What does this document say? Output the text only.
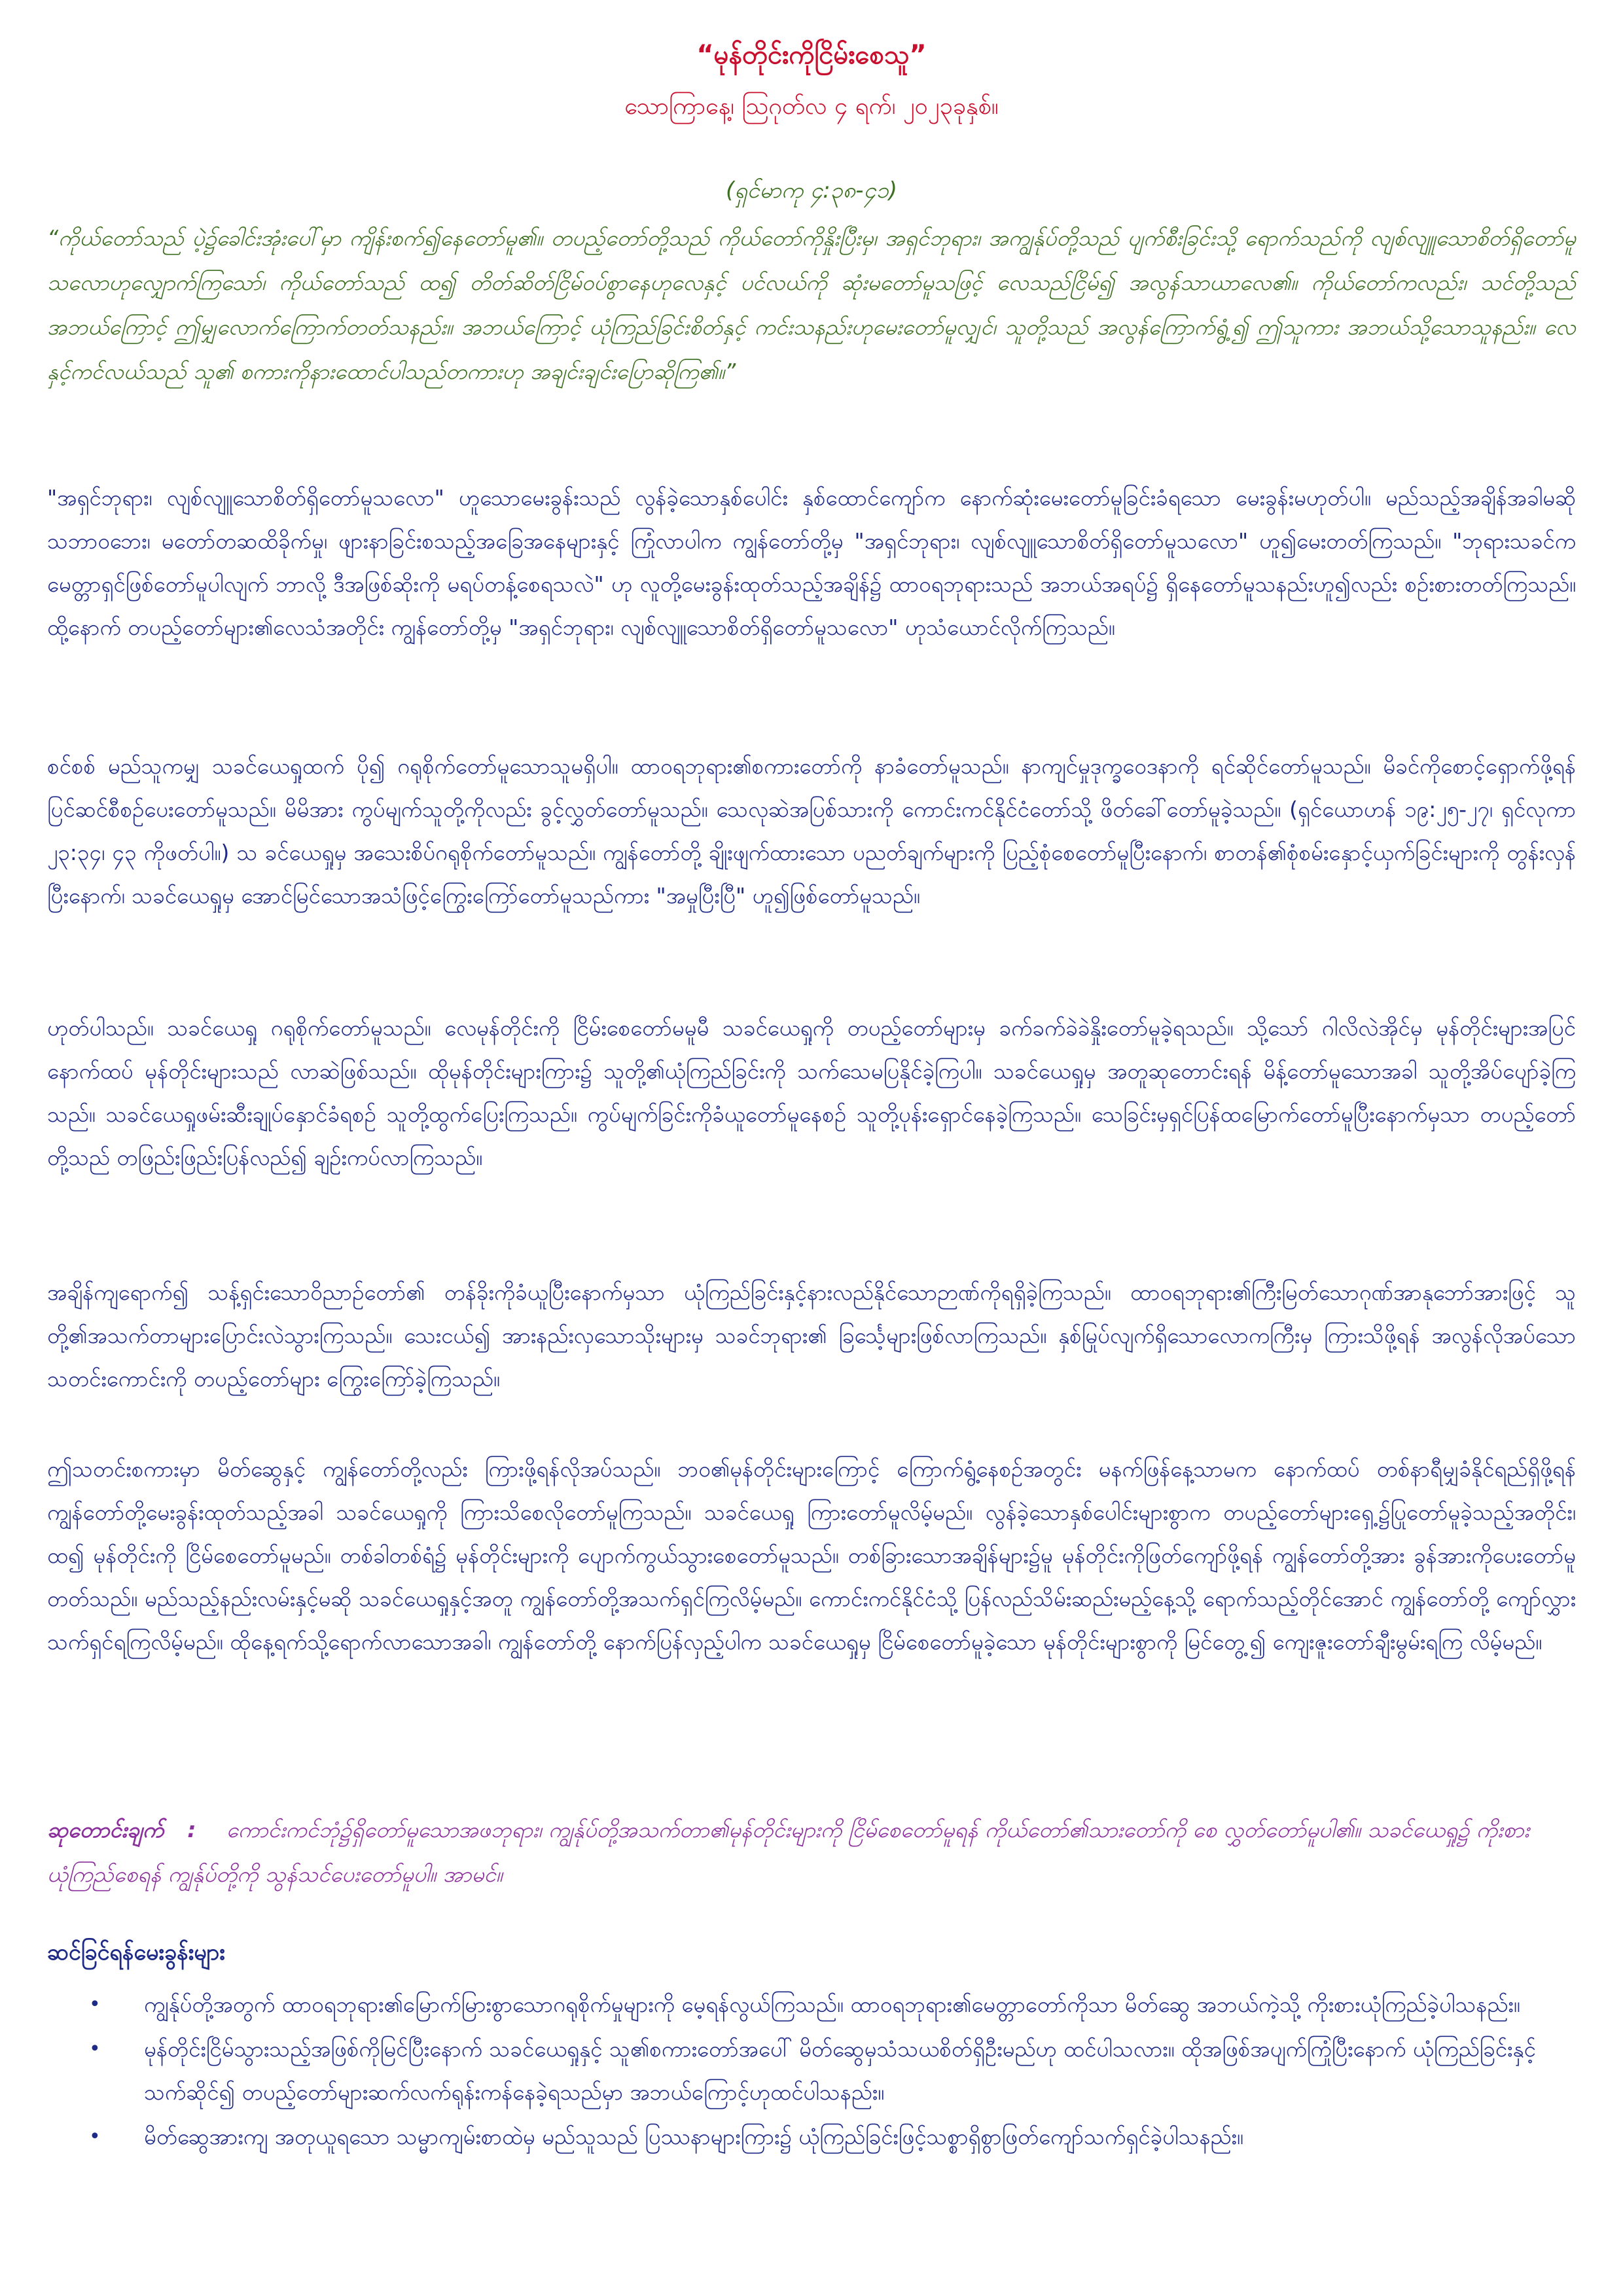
“မုန်တိုင်းကိုငြိမ်းစေသူ”
သောကြာနေ့၊ ဩဂုတ်လ ၄ ရက်၊ ၂၀၂၃ခုနှစ်။
(ရှင်မာကု ၄:၃၈-၄၁)
“ကိုယ်တော်သည် ပဲ့၌ခေါင်းအုံးပေါ်မှာ ကျိန်းစက်၍နေတော်မူ၏။ တပည့်တော်တို့သည် ကိုယ်တော်ကိုနှိုးပြီးမှ၊ အရှင်ဘုရား၊ အကျွန်ုပ်တို့သည် ပျက်စီးခြင်းသို့ ရောက်သည်ကို လျစ်လျူသောစိတ်ရှိတော်မူသလောဟုလျှောက်ကြသော်၊ ကိုယ်တော်သည် ထ၍ တိတ်ဆိတ်ငြိမ်ဝပ်စွာနေဟုလေနှင့် ပင်လယ်ကို ဆုံးမတော်မူသဖြင့် လေသည်ငြိမ်၍ အလွန်သာယာလေ၏။ ကိုယ်တော်ကလည်း၊ သင်တို့သည် အဘယ်ကြောင့် ဤမျှလောက်ကြောက်တတ်သနည်း။ အဘယ်ကြောင့် ယုံကြည်ခြင်းစိတ်နှင့် ကင်းသနည်းဟုမေးတော်မူလျှင်၊ သူတို့သည် အလွန်ကြောက်ရွံ့၍ ဤသူကား အဘယ်သို့သောသူနည်း။ လေနှင့်ကင်လယ်သည် သူ၏ စကားကိုနားထောင်ပါသည်တကားဟု အချင်းချင်းပြောဆိုကြ၏။”
"အရှင်ဘုရား၊ လျစ်လျူသောစိတ်ရှိတော်မူသလော" ဟူသောမေးခွန်းသည် လွန်ခဲ့သောနှစ်ပေါင်း နှစ်ထောင်ကျော်က နောက်ဆုံးမေးတော်မူခြင်းခံရသော မေးခွန်းမဟုတ်ပါ။ မည်သည့်အချိန်အခါမဆို သဘာဝဘေး၊ မတော်တဆထိခိုက်မှု၊ ဖျားနာခြင်းစသည့်အခြေအနေများနှင့် ကြုံလာပါက ကျွန်တော်တို့မှ "အရှင်ဘုရား၊ လျစ်လျူသောစိတ်ရှိတော်မူသလော" ဟူ၍မေးတတ်ကြသည်။ "ဘုရားသခင်က မေတ္တာရှင်ဖြစ်တော်မူပါလျက် ဘာလို့ ဒီအဖြစ်ဆိုးကို မရပ်တန့်စေရသလဲ" ဟု လူတို့မေးခွန်းထုတ်သည့်အချိန်၌ ထာဝရဘုရားသည် အဘယ်အရပ်၌ ရှိနေတော်မူသနည်းဟူ၍လည်း စဉ်းစားတတ်ကြသည်။ ထို့နောက် တပည့်တော်များ၏လေသံအတိုင်း ကျွန်တော်တို့မှ "အရှင်ဘုရား၊ လျစ်လျူသောစိတ်ရှိတော်မူသလော" ဟုသံယောင်လိုက်ကြသည်။
စင်စစ် မည်သူကမျှ သခင်ယေရှုထက် ပို၍ ဂရုစိုက်တော်မူသောသူမရှိပါ။ ထာဝရဘုရား၏စကားတော်ကို နာခံတော်မူသည်။ နာကျင်မှုဒုက္ခဝေဒနာကို ရင်ဆိုင်တော်မူသည်။ မိခင်ကိုစောင့်ရှောက်ဖို့ရန် ပြင်ဆင်စီစဉ်ပေးတော်မူသည်။ မိမိအား ကွပ်မျက်သူတို့ကိုလည်း ခွင့်လွှတ်တော်မူသည်။ သေလုဆဲအပြစ်သားကို ကောင်းကင်နိုင်ငံတော်သို့ ဖိတ်ခေါ်တော်မူခဲ့သည်။ (ရှင်ယောဟန် ၁၉:၂၅-၂၇၊ ရှင်လုကာ ၂၃:၃၄၊ ၄၃ ကိုဖတ်ပါ။) သ ခင်ယေရှုမှ အသေးစိပ်ဂရုစိုက်တော်မူသည်။ ကျွန်တော်တို့ ချိုးဖျက်ထားသော ပညတ်ချက်များကို ပြည့်စုံစေတော်မူပြီးနောက်၊ စာတန်၏စုံစမ်းနှောင့်ယှက်ခြင်းများကို တွန်းလှန်ပြီးနောက်၊ သခင်ယေရှုမှ အောင်မြင်သောအသံဖြင့်ကြွေးကြော်တော်မူသည်ကား "အမှုပြီးပြီ" ဟူ၍ဖြစ်တော်မူသည်။
ဟုတ်ပါသည်။ သခင်ယေရှု ဂရုစိုက်တော်မူသည်။ လေမုန်တိုင်းကို ငြိမ်းစေတော်မမူမီ သခင်ယေရှုကို တပည့်တော်များမှ ခက်ခက်ခဲခဲနှိုးတော်မူခဲ့ရသည်။ သို့သော် ဂါလိလဲအိုင်မှ မုန်တိုင်းများအပြင် နောက်ထပ် မုန်တိုင်းများသည် လာဆဲဖြစ်သည်။ ထိုမုန်တိုင်းများကြား၌ သူတို့၏ယုံကြည်ခြင်းကို သက်သေမပြနိုင်ခဲ့ကြပါ။ သခင်ယေရှုမှ အတူဆုတောင်းရန် မိန့်တော်မူသောအခါ သူတို့အိပ်ပျော်ခဲ့ကြသည်။ သခင်ယေရှုဖမ်းဆီးချုပ်နှောင်ခံရစဉ် သူတို့ထွက်ပြေးကြသည်။ ကွပ်မျက်ခြင်းကိုခံယူတော်မူနေစဉ် သူတို့ပုန်းရှောင်နေခဲ့ကြသည်။ သေခြင်းမှရှင်ပြန်ထမြောက်တော်မူပြီးနောက်မှသာ တပည့်တော်တို့သည် တဖြည်းဖြည်းပြန်လည်၍ ချဉ်းကပ်လာကြသည်။
အချိန်ကျရောက်၍ သန့်ရှင်းသောဝိညာဉ်တော်၏ တန်ခိုးကိုခံယူပြီးနောက်မှသာ ယုံကြည်ခြင်းနှင့်နားလည်နိုင်သောဉာဏ်ကိုရရှိခဲ့ကြသည်။ ထာဝရဘုရား၏ကြီးမြတ်သောဂုဏ်အာနုဘော်အားဖြင့် သူတို့၏အသက်တာများပြောင်းလဲသွားကြသည်။ သေးငယ်၍ အားနည်းလှသောသိုးများမှ သခင်ဘုရား၏ ခြင်္သေ့များဖြစ်လာကြသည်။ နှစ်မြုပ်လျက်ရှိသောလောကကြီးမှ ကြားသိဖို့ရန် အလွန်လိုအပ်သော သတင်းကောင်းကို တပည့်တော်များ ကြွေးကြော်ခဲ့ကြသည်။
ဤသတင်းစကားမှာ မိတ်ဆွေနှင့် ကျွန်တော်တို့လည်း ကြားဖို့ရန်လိုအပ်သည်။ ဘဝ၏မုန်တိုင်းများကြောင့် ကြောက်ရွံ့နေစဉ်အတွင်း မနက်ဖြန်နေ့သာမက နောက်ထပ် တစ်နာရီမျှခံနိုင်ရည်ရှိဖို့ရန် ကျွန်တော်တို့မေးခွန်းထုတ်သည့်အခါ သခင်ယေရှုကို ကြားသိစေလိုတော်မူကြသည်။ သခင်ယေရှု ကြားတော်မူလိမ့်မည်။ လွန်ခဲ့သောနှစ်ပေါင်းများစွာက တပည့်တော်များရှေ့၌ပြုတော်မူခဲ့သည့်အတိုင်း၊ ထ၍ မုန်တိုင်းကို ငြိမ်စေတော်မူမည်။ တစ်ခါတစ်ရံ၌ မုန်တိုင်းများကို ပျောက်ကွယ်သွားစေတော်မူသည်။ တစ်ခြားသောအချိန်များ၌မူ မုန်တိုင်းကိုဖြတ်ကျော်ဖို့ရန် ကျွန်တော်တို့အား ခွန်အားကိုပေးတော်မူတတ်သည်။ မည်သည့်နည်းလမ်းနှင့်မဆို သခင်ယေရှုနှင့်အတူ ကျွန်တော်တို့အသက်ရှင်ကြလိမ့်မည်။ ကောင်းကင်နိုင်ငံသို့ ပြန်လည်သိမ်းဆည်းမည့်နေ့သို့ ရောက်သည့်တိုင်အောင် ကျွန်တော်တို့ ကျော်လွှားသက်ရှင်ရကြလိမ့်မည်။ ထိုနေ့ရက်သို့ရောက်လာသောအခါ၊ ကျွန်တော်တို့ နောက်ပြန်လှည့်ပါက သခင်ယေရှုမှ ငြိမ်စေတော်မူခဲ့သော မုန်တိုင်းများစွာကို မြင်တွေ့၍ ကျေးဇူးတော်ချီးမွမ်းရကြ လိမ့်မည်။
ဆုတောင်းချက် : ကောင်းကင်ဘုံ၌ရှိတော်မူသောအဖဘုရား၊ ကျွန်ုပ်တို့အသက်တာ၏မုန်တိုင်းများကို ငြိမ်စေတော်မူရန် ကိုယ်တော်၏သားတော်ကို စေ လွှတ်တော်မူပါ၏။ သခင်ယေရှု၌ ကိုးစားယုံကြည်စေရန် ကျွန်ုပ်တို့ကို သွန်သင်ပေးတော်မူပါ။ အာမင်။
ဆင်ခြင်ရန်မေးခွန်းများ
• ကျွန်ုပ်တို့အတွက် ထာဝရဘုရား၏မြောက်မြားစွာသောဂရုစိုက်မှုများကို မေ့ရန်လွယ်ကြသည်။ ထာဝရဘုရား၏မေတ္တာတော်ကိုသာ မိတ်ဆွေ အဘယ်ကဲ့သို့ ကိုးစားယုံကြည်ခဲ့ပါသနည်း။
• မုန်တိုင်းငြိမ်သွားသည့်အဖြစ်ကိုမြင်ပြီးနောက် သခင်ယေရှုနှင့် သူ၏စကားတော်အပေါ် မိတ်ဆွေမှသံသယစိတ်ရှိဦးမည်ဟု ထင်ပါသလား။ ထိုအဖြစ်အပျက်ကြုံပြီးနောက် ယုံကြည်ခြင်းနှင့်သက်ဆိုင်၍ တပည့်တော်များဆက်လက်ရုန်းကန်နေခဲ့ရသည်မှာ အဘယ်ကြောင့်ဟုထင်ပါသနည်း။
• မိတ်ဆွေအားကျ အတုယူရသော သမ္မာကျမ်းစာထဲမှ မည်သူသည် ပြဿနာများကြား၌ ယုံကြည်ခြင်းဖြင့်သစ္စာရှိစွာဖြတ်ကျော်သက်ရှင်ခဲ့ပါသနည်း။
